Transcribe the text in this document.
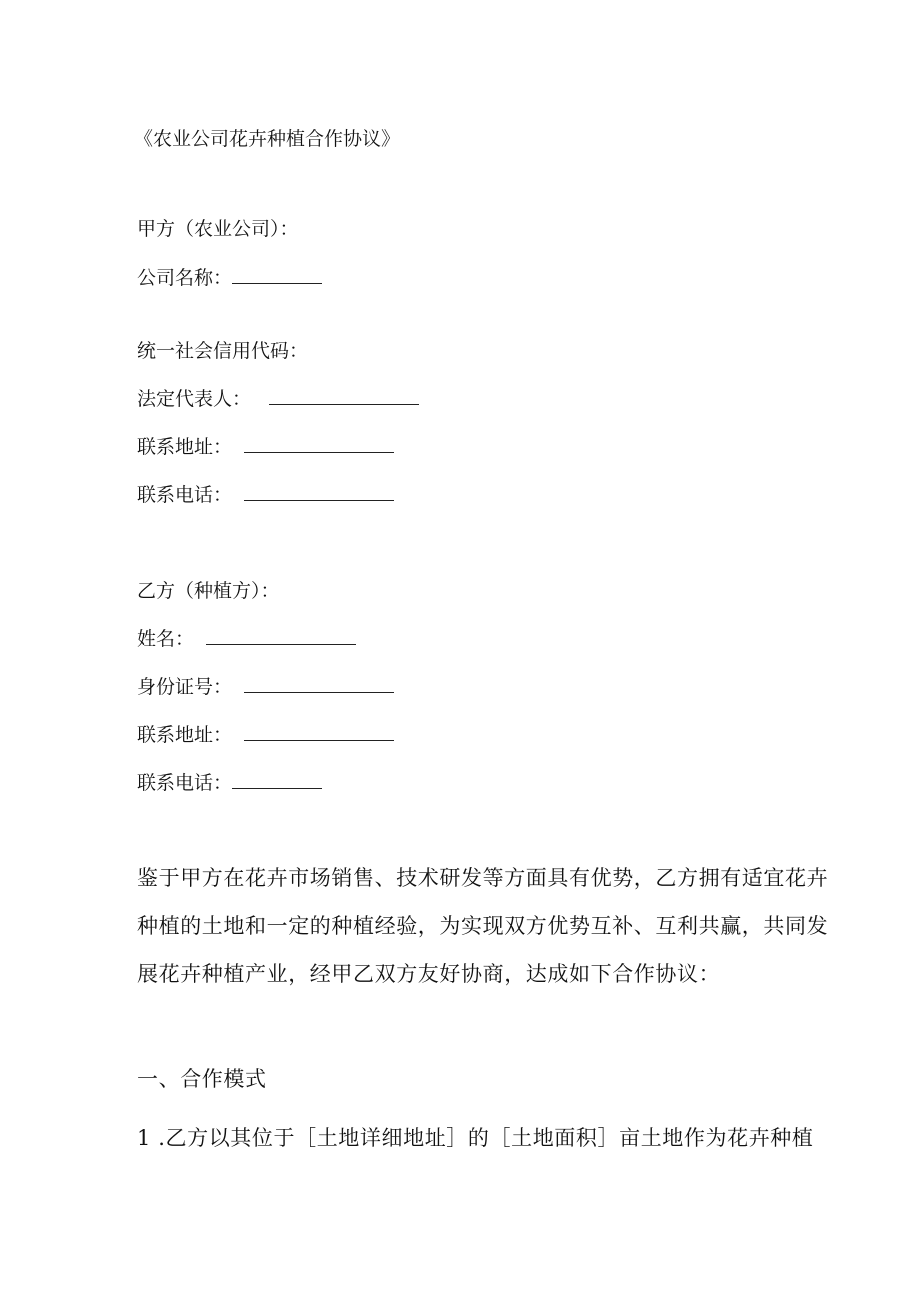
《农业公司花卉种植合作协议》
甲方（农业公司）：
公司名称：
统一社会信用代码：
法定代表人：
联系地址：
联系电话：
乙方（种植方）：
姓名：
身份证号：
联系地址：
联系电话：
鉴于甲方在花卉市场销售、技术研发等方面具有优势，乙方拥有适宜花卉
种植的土地和一定的种植经验，为实现双方优势互补、互利共赢，共同发
展花卉种植产业，经甲乙双方友好协商，达成如下合作协议：
一、合作模式
1 .乙方以其位于［土地详细地址］的［土地面积］亩土地作为花卉种植
